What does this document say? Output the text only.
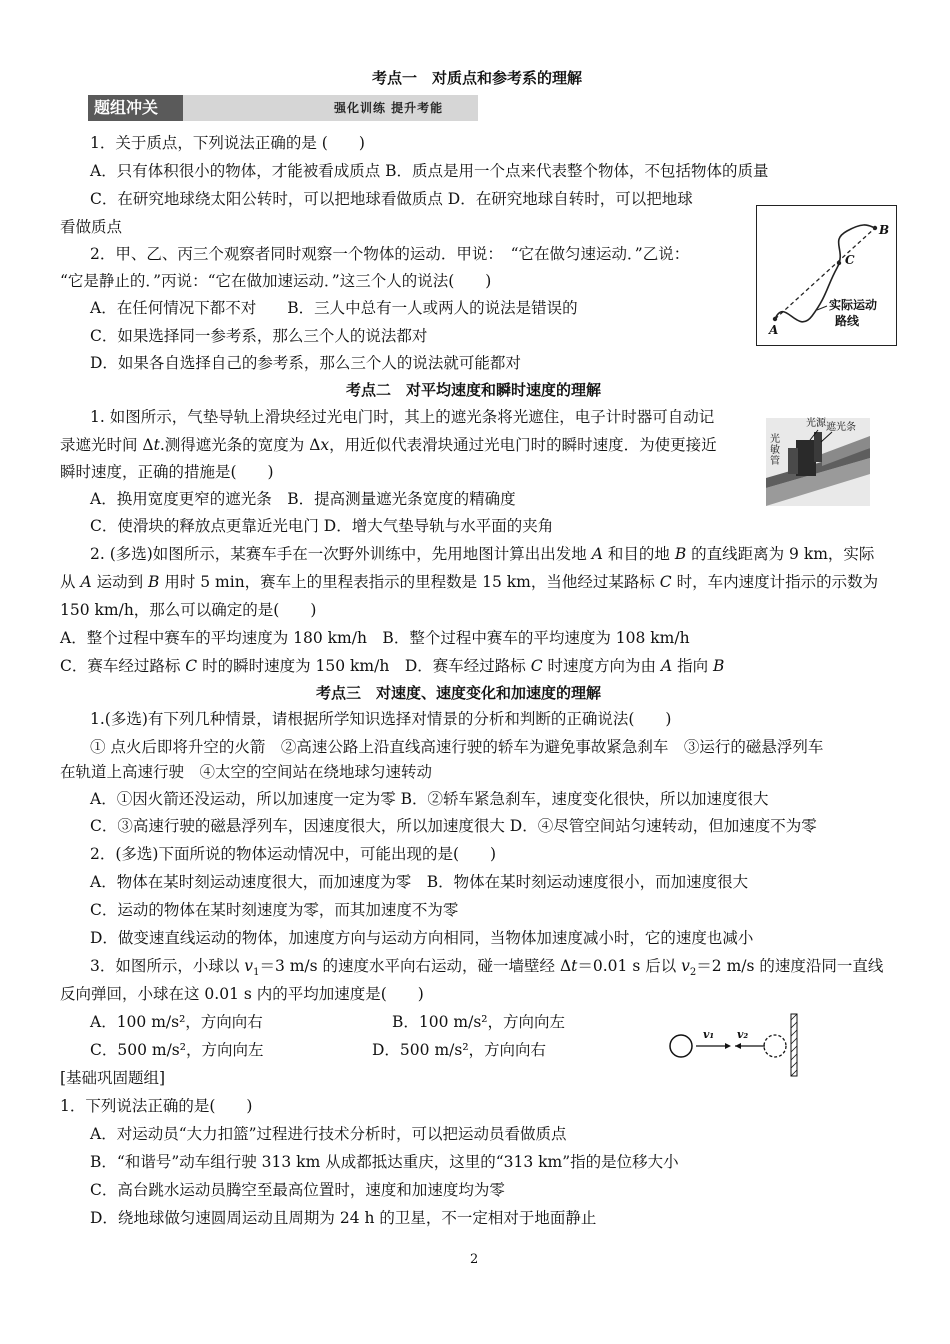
考点一　对质点和参考系的理解
题组冲关	强化训练 提升考能
1．关于质点，下列说法正确的是 (　　)
A．只有体积很小的物体，才能被看成质点 B．质点是用一个点来代表整个物体，不包括物体的质量
C．在研究地球绕太阳公转时，可以把地球看做质点 D．在研究地球自转时，可以把地球
看做质点
2．甲、乙、丙三个观察者同时观察一个物体的运动．甲说：　“它在做匀速运动．”乙说：
“它是静止的．”丙说：“它在做加速运动．”这三个人的说法(　　)
A．在任何情况下都不对　　B．三人中总有一人或两人的说法是错误的
C．如果选择同一参考系，那么三个人的说法都对
D．如果各自选择自己的参考系，那么三个人的说法就可能都对
A
B
C
实际运动
路线
考点二　对平均速度和瞬时速度的理解
1. 如图所示，气垫导轨上滑块经过光电门时，其上的遮光条将光遮住，电子计时器可自动记
录遮光时间 Δt.测得遮光条的宽度为 Δx，用近似代表滑块通过光电门时的瞬时速度．为使更接近
瞬时速度，正确的措施是(　　)
A．换用宽度更窄的遮光条　B．提高测量遮光条宽度的精确度
C．使滑块的释放点更靠近光电门 D．增大气垫导轨与水平面的夹角
光源 遮光条
光
敏
管
2. (多选)如图所示，某赛车手在一次野外训练中，先用地图计算出出发地 A 和目的地 B 的直线距离为 9 km，实际
从 A 运动到 B 用时 5 min，赛车上的里程表指示的里程数是 15 km，当他经过某路标 C 时，车内速度计指示的示数为
150 km/h，那么可以确定的是(　　)
A．整个过程中赛车的平均速度为 180 km/h　B．整个过程中赛车的平均速度为 108 km/h
C．赛车经过路标 C 时的瞬时速度为 150 km/h　D．赛车经过路标 C 时速度方向为由 A 指向 B
考点三　对速度、速度变化和加速度的理解
1.(多选)有下列几种情景，请根据所学知识选择对情景的分析和判断的正确说法(　　)
① 点火后即将升空的火箭　②高速公路上沿直线高速行驶的轿车为避免事故紧急刹车　③运行的磁悬浮列车
在轨道上高速行驶　④太空的空间站在绕地球匀速转动
A．①因火箭还没运动，所以加速度一定为零 B．②轿车紧急刹车，速度变化很快，所以加速度很大
C．③高速行驶的磁悬浮列车，因速度很大，所以加速度很大 D．④尽管空间站匀速转动，但加速度不为零
2．(多选)下面所说的物体运动情况中，可能出现的是(　　)
A．物体在某时刻运动速度很大，而加速度为零　B．物体在某时刻运动速度很小，而加速度很大
C．运动的物体在某时刻速度为零，而其加速度不为零
D．做变速直线运动的物体，加速度方向与运动方向相同，当物体加速度减小时，它的速度也减小
3．如图所示，小球以 $v_1=3$ m/s 的速度水平向右运动，碰一墙壁经 Δt＝0.01 s 后以 $v_2=2$ m/s 的速度沿同一直线
反向弹回，小球在这 0.01 s 内的平均加速度是(　　)
A．100 m/s²，方向向右	B．100 m/s²，方向向左
C．500 m/s²，方向向左	D．500 m/s²，方向向右
v₁ v₂
[基础巩固题组]
1．下列说法正确的是(　　)
A．对运动员“大力扣篮”过程进行技术分析时，可以把运动员看做质点
B．“和谐号”动车组行驶 313 km 从成都抵达重庆，这里的“313 km”指的是位移大小
C．高台跳水运动员腾空至最高位置时，速度和加速度均为零
D．绕地球做匀速圆周运动且周期为 24 h 的卫星，不一定相对于地面静止
2
